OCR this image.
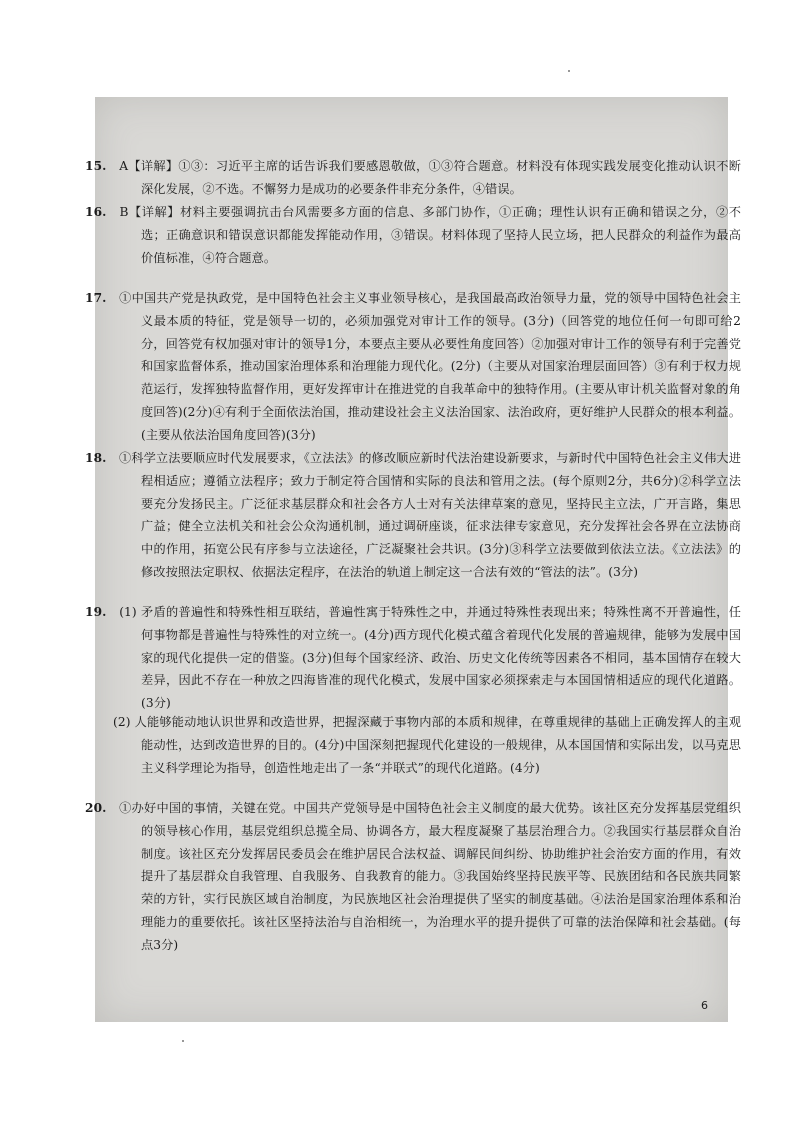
15. A【详解】①③：习近平主席的话告诉我们要感恩敬做，①③符合题意。材料没有体现实践发展变化推动认识不断深化发展，②不选。不懈努力是成功的必要条件非充分条件，④错误。
16. B【详解】材料主要强调抗击台风需要多方面的信息、多部门协作，①正确；理性认识有正确和错误之分，②不选；正确意识和错误意识都能发挥能动作用，③错误。材料体现了坚持人民立场，把人民群众的利益作为最高价值标准，④符合题意。
17. ①中国共产党是执政党，是中国特色社会主义事业领导核心，是我国最高政治领导力量，党的领导中国特色社会主义最本质的特征，党是领导一切的，必须加强党对审计工作的领导。(3分)（回答党的地位任何一句即可给2分，回答党有权加强对审计的领导1分，本要点主要从必要性角度回答）②加强对审计工作的领导有利于完善党和国家监督体系，推动国家治理体系和治理能力现代化。(2分)（主要从对国家治理层面回答）③有利于权力规范运行，发挥独特监督作用，更好发挥审计在推进党的自我革命中的独特作用。(主要从审计机关监督对象的角度回答)(2分)④有利于全面依法治国，推动建设社会主义法治国家、法治政府，更好维护人民群众的根本利益。(主要从依法治国角度回答)(3分)
18. ①科学立法要顺应时代发展要求，《立法法》的修改顺应新时代法治建设新要求，与新时代中国特色社会主义伟大进程相适应；遵循立法程序；致力于制定符合国情和实际的良法和管用之法。(每个原则2分，共6分)②科学立法要充分发扬民主。广泛征求基层群众和社会各方人士对有关法律草案的意见，坚持民主立法，广开言路，集思广益；健全立法机关和社会公众沟通机制，通过调研座谈，征求法律专家意见，充分发挥社会各界在立法协商中的作用，拓宽公民有序参与立法途径，广泛凝聚社会共识。(3分)③科学立法要做到依法立法。《立法法》的修改按照法定职权、依据法定程序，在法治的轨道上制定这一合法有效的“管法的法”。(3分)
19. (1) 矛盾的普遍性和特殊性相互联结，普遍性寓于特殊性之中，并通过特殊性表现出来；特殊性离不开普遍性，任何事物都是普遍性与特殊性的对立统一。(4分)西方现代化模式蕴含着现代化发展的普遍规律，能够为发展中国家的现代化提供一定的借鉴。(3分)但每个国家经济、政治、历史文化传统等因素各不相同，基本国情存在较大差异，因此不存在一种放之四海皆准的现代化模式，发展中国家必须探索走与本国国情相适应的现代化道路。(3分)
(2) 人能够能动地认识世界和改造世界，把握深藏于事物内部的本质和规律，在尊重规律的基础上正确发挥人的主观能动性，达到改造世界的目的。(4分)中国深刻把握现代化建设的一般规律，从本国国情和实际出发，以马克思主义科学理论为指导，创造性地走出了一条“并联式”的现代化道路。(4分)
20. ①办好中国的事情，关键在党。中国共产党领导是中国特色社会主义制度的最大优势。该社区充分发挥基层党组织的领导核心作用，基层党组织总揽全局、协调各方，最大程度凝聚了基层治理合力。②我国实行基层群众自治制度。该社区充分发挥居民委员会在维护居民合法权益、调解民间纠纷、协助维护社会治安方面的作用，有效提升了基层群众自我管理、自我服务、自我教育的能力。③我国始终坚持民族平等、民族团结和各民族共同繁荣的方针，实行民族区域自治制度，为民族地区社会治理提供了坚实的制度基础。④法治是国家治理体系和治理能力的重要依托。该社区坚持法治与自治相统一，为治理水平的提升提供了可靠的法治保障和社会基础。(每点3分)
6
